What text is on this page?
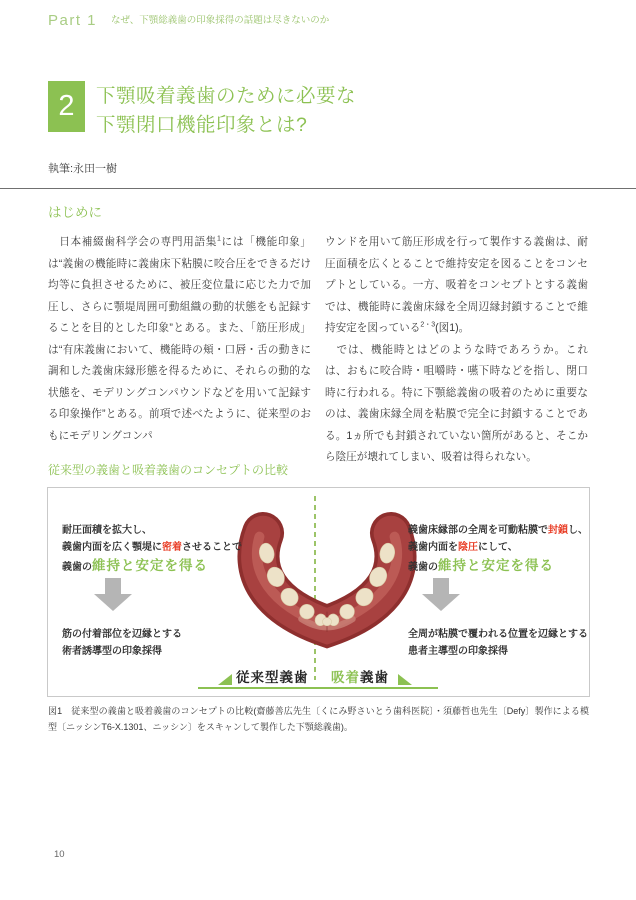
Part 1 なぜ、下顎総義歯の印象採得の話題は尽きないのか
2	下顎吸着義歯のために必要な
下顎閉口機能印象とは?
執筆:永田一樹
はじめに

　日本補綴歯科学会の専門用語集$^1$には「機能印象」は“義歯の機能時に義歯床下粘膜に咬合圧をできるだけ均等に負担させるために、被圧変位量に応じた力で加圧し、さらに顎堤周囲可動組織の動的状態をも記録することを目的とした印象”とある。また、「筋圧形成」は“有床義歯において、機能時の頬・口唇・舌の動きに調和した義歯床縁形態を得るために、それらの動的な状態を、モデリングコンパウンドなどを用いて記録する印象操作”とある。前項で述べたように、従来型のおもにモデリングコンパ

ウンドを用いて筋圧形成を行って製作する義歯は、耐圧面積を広くとることで維持安定を図ることをコンセプトとしている。一方、吸着をコンセプトとする義歯では、機能時に義歯床縁を全周辺縁封鎖することで維持安定を図っている$^{2・3}$(図1)。

　では、機能時とはどのような時であろうか。これは、おもに咬合時・咀嚼時・嚥下時などを指し、閉口時に行われる。特に下顎総義歯の吸着のために重要なのは、義歯床縁全周を粘膜で完全に封鎖することである。1ヵ所でも封鎖されていない箇所があると、そこから陰圧が壊れてしまい、吸着は得られない。

従来型の義歯と吸着義歯のコンセプトの比較
耐圧面積を拡大し、
義歯内面を広く顎堤に密着させることで
義歯の維持と安定を得る
筋の付着部位を辺縁とする
術者誘導型の印象採得
義歯床縁部の全周を可動粘膜で封鎖し、
義歯内面を陰圧にして、
義歯の維持と安定を得る
全周が粘膜で覆われる位置を辺縁とする
患者主導型の印象採得
従来型義歯 吸着義歯

図1　従来型の義歯と吸着義歯のコンセプトの比較(齋藤善広先生〔くにみ野さいとう歯科医院〕・須藤哲也先生〔Defy〕製作による模型〔ニッシンT6-X.1301、ニッシン〕をスキャンして製作した下顎総義歯)。

10
